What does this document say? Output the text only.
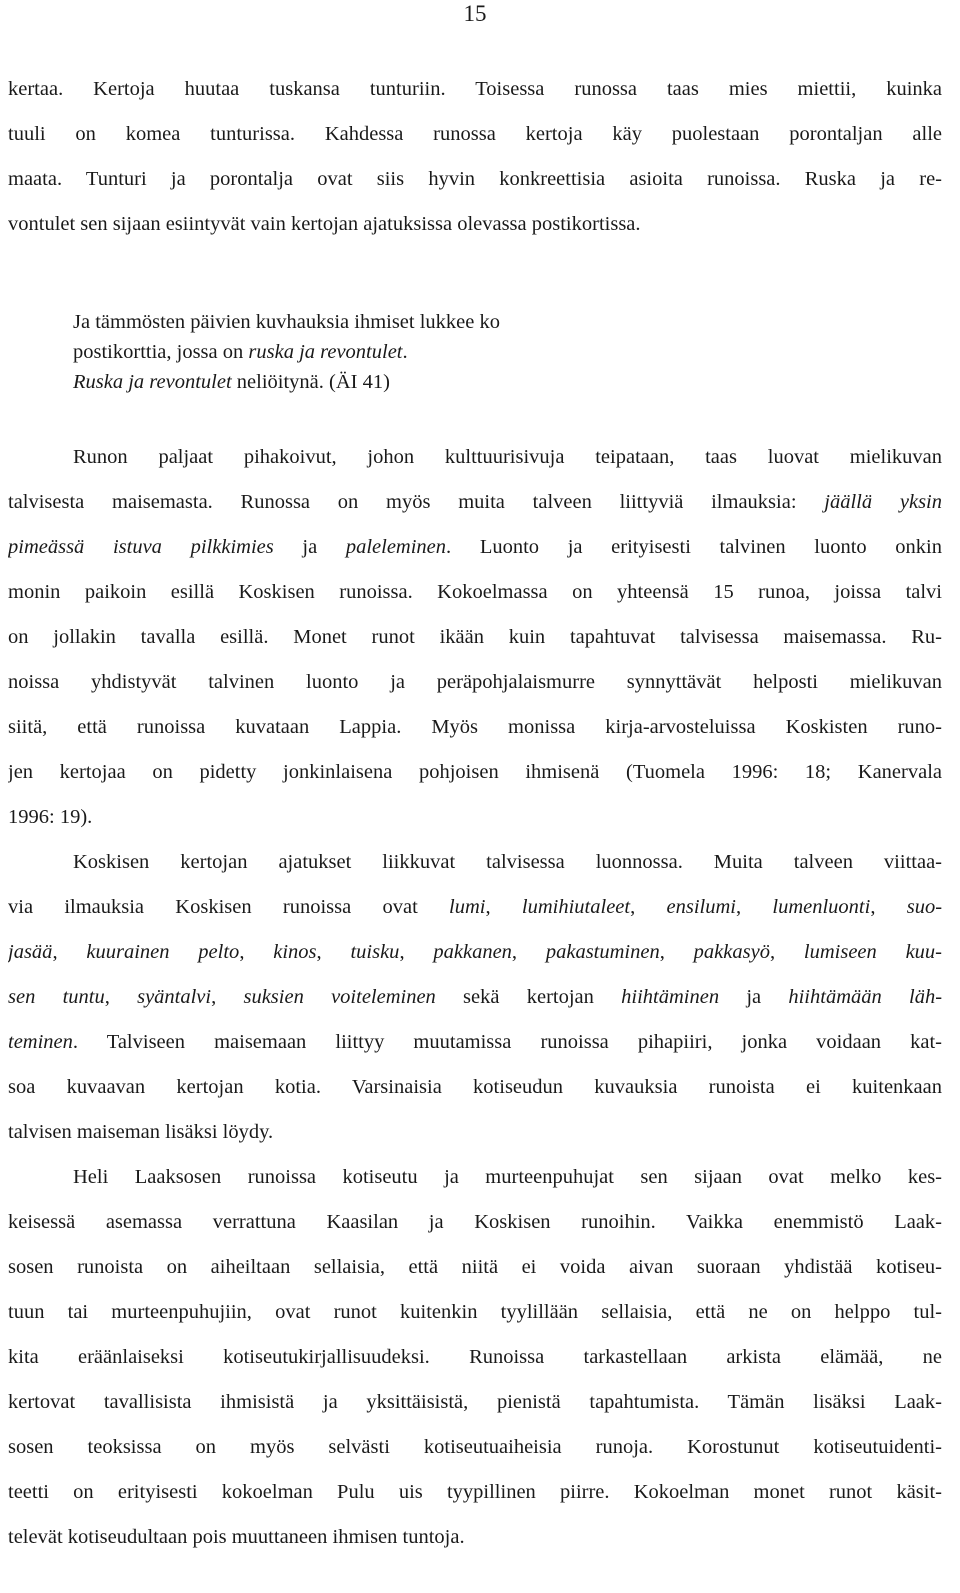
15
kertaa. Kertoja huutaa tuskansa tunturiin. Toisessa runossa taas mies miettii, kuinka
tuuli on komea tunturissa. Kahdessa runossa kertoja käy puolestaan porontaljan alle
maata. Tunturi ja porontalja ovat siis hyvin konkreettisia asioita runoissa. Ruska ja re-
vontulet sen sijaan esiintyvät vain kertojan ajatuksissa olevassa postikortissa.
Ja tämmösten päivien kuvhauksia ihmiset lukkee ko
postikorttia, jossa on ruska ja revontulet.
Ruska ja revontulet neliöitynä. (ÄI 41)
Runon paljaat pihakoivut, johon kulttuurisivuja teipataan, taas luovat mielikuvan
talvisesta maisemasta. Runossa on myös muita talveen liittyviä ilmauksia: jäällä yksin
pimeässä istuva pilkkimies ja paleleminen. Luonto ja erityisesti talvinen luonto onkin
monin paikoin esillä Koskisen runoissa. Kokoelmassa on yhteensä 15 runoa, joissa talvi
on jollakin tavalla esillä. Monet runot ikään kuin tapahtuvat talvisessa maisemassa. Ru-
noissa yhdistyvät talvinen luonto ja peräpohjalaismurre synnyttävät helposti mielikuvan
siitä, että runoissa kuvataan Lappia. Myös monissa kirja-arvosteluissa Koskisten runo-
jen kertojaa on pidetty jonkinlaisena pohjoisen ihmisenä (Tuomela 1996: 18; Kanervala
1996: 19).
Koskisen kertojan ajatukset liikkuvat talvisessa luonnossa. Muita talveen viittaa-
via ilmauksia Koskisen runoissa ovat lumi, lumihiutaleet, ensilumi, lumenluonti, suo-
jasää, kuurainen pelto, kinos, tuisku, pakkanen, pakastuminen, pakkasyö, lumiseen kuu-
sen tuntu, syäntalvi, suksien voiteleminen sekä kertojan hiihtäminen ja hiihtämään läh-
teminen. Talviseen maisemaan liittyy muutamissa runoissa pihapiiri, jonka voidaan kat-
soa kuvaavan kertojan kotia. Varsinaisia kotiseudun kuvauksia runoista ei kuitenkaan
talvisen maiseman lisäksi löydy.
Heli Laaksosen runoissa kotiseutu ja murteenpuhujat sen sijaan ovat melko kes-
keisessä asemassa verrattuna Kaasilan ja Koskisen runoihin. Vaikka enemmistö Laak-
sosen runoista on aiheiltaan sellaisia, että niitä ei voida aivan suoraan yhdistää kotiseu-
tuun tai murteenpuhujiin, ovat runot kuitenkin tyylillään sellaisia, että ne on helppo tul-
kita eräänlaiseksi kotiseutukirjallisuudeksi. Runoissa tarkastellaan arkista elämää, ne
kertovat tavallisista ihmisistä ja yksittäisistä, pienistä tapahtumista. Tämän lisäksi Laak-
sosen teoksissa on myös selvästi kotiseutuaiheisia runoja. Korostunut kotiseutuidenti-
teetti on erityisesti kokoelman Pulu uis tyypillinen piirre. Kokoelman monet runot käsit-
televät kotiseudultaan pois muuttaneen ihmisen tuntoja.
